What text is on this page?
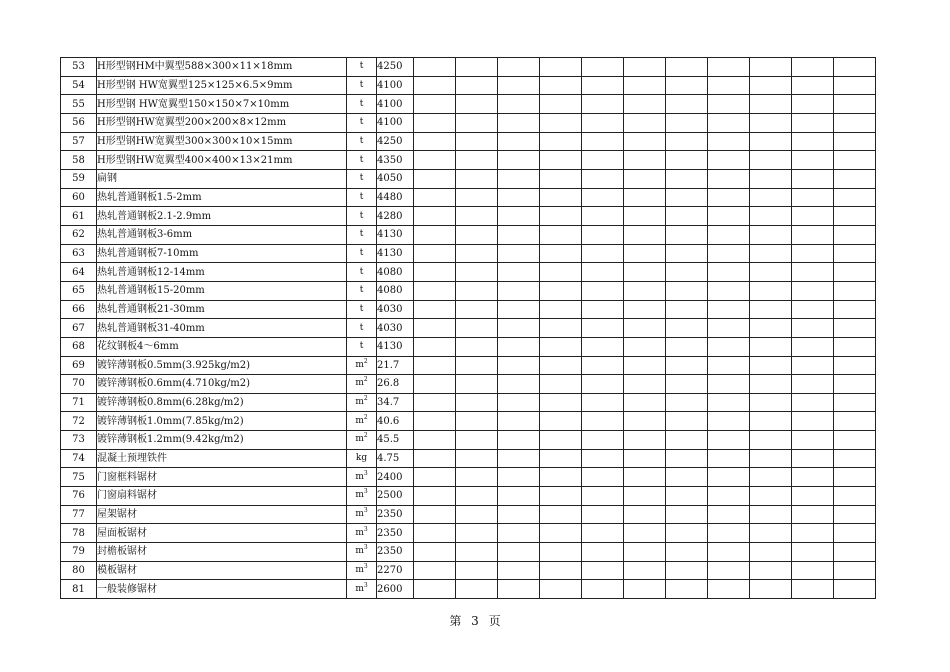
53	H形型钢HM中翼型588×300×11×18mm	t	4250											
54	H形型钢 HW宽翼型125×125×6.5×9mm	t	4100											
55	H形型钢 HW宽翼型150×150×7×10mm	t	4100											
56	H形型钢HW宽翼型200×200×8×12mm	t	4100											
57	H形型钢HW宽翼型300×300×10×15mm	t	4250											
58	H形型钢HW宽翼型400×400×13×21mm	t	4350											
59	扁钢	t	4050											
60	热轧普通钢板1.5-2mm	t	4480											
61	热轧普通钢板2.1-2.9mm	t	4280											
62	热轧普通钢板3-6mm	t	4130											
63	热轧普通钢板7-10mm	t	4130											
64	热轧普通钢板12-14mm	t	4080											
65	热轧普通钢板15-20mm	t	4080											
66	热轧普通钢板21-30mm	t	4030											
67	热轧普通钢板31-40mm	t	4030											
68	花纹钢板4～6mm	t	4130											
69	镀锌薄钢板0.5mm(3.925kg/m2)	$m^2$	21.7											
70	镀锌薄钢板0.6mm(4.710kg/m2)	$m^2$	26.8											
71	镀锌薄钢板0.8mm(6.28kg/m2)	$m^2$	34.7											
72	镀锌薄钢板1.0mm(7.85kg/m2)	$m^2$	40.6											
73	镀锌薄钢板1.2mm(9.42kg/m2)	$m^2$	45.5											
74	混凝土预埋铁件	kg	4.75											
75	门窗框料锯材	$m^3$	2400											
76	门窗扇料锯材	$m^3$	2500											
77	屋架锯材	$m^3$	2350											
78	屋面板锯材	$m^3$	2350											
79	封檐板锯材	$m^3$	2350											
80	模板锯材	$m^3$	2270											
81	一般装修锯材	$m^3$	2600											
第 3 页
